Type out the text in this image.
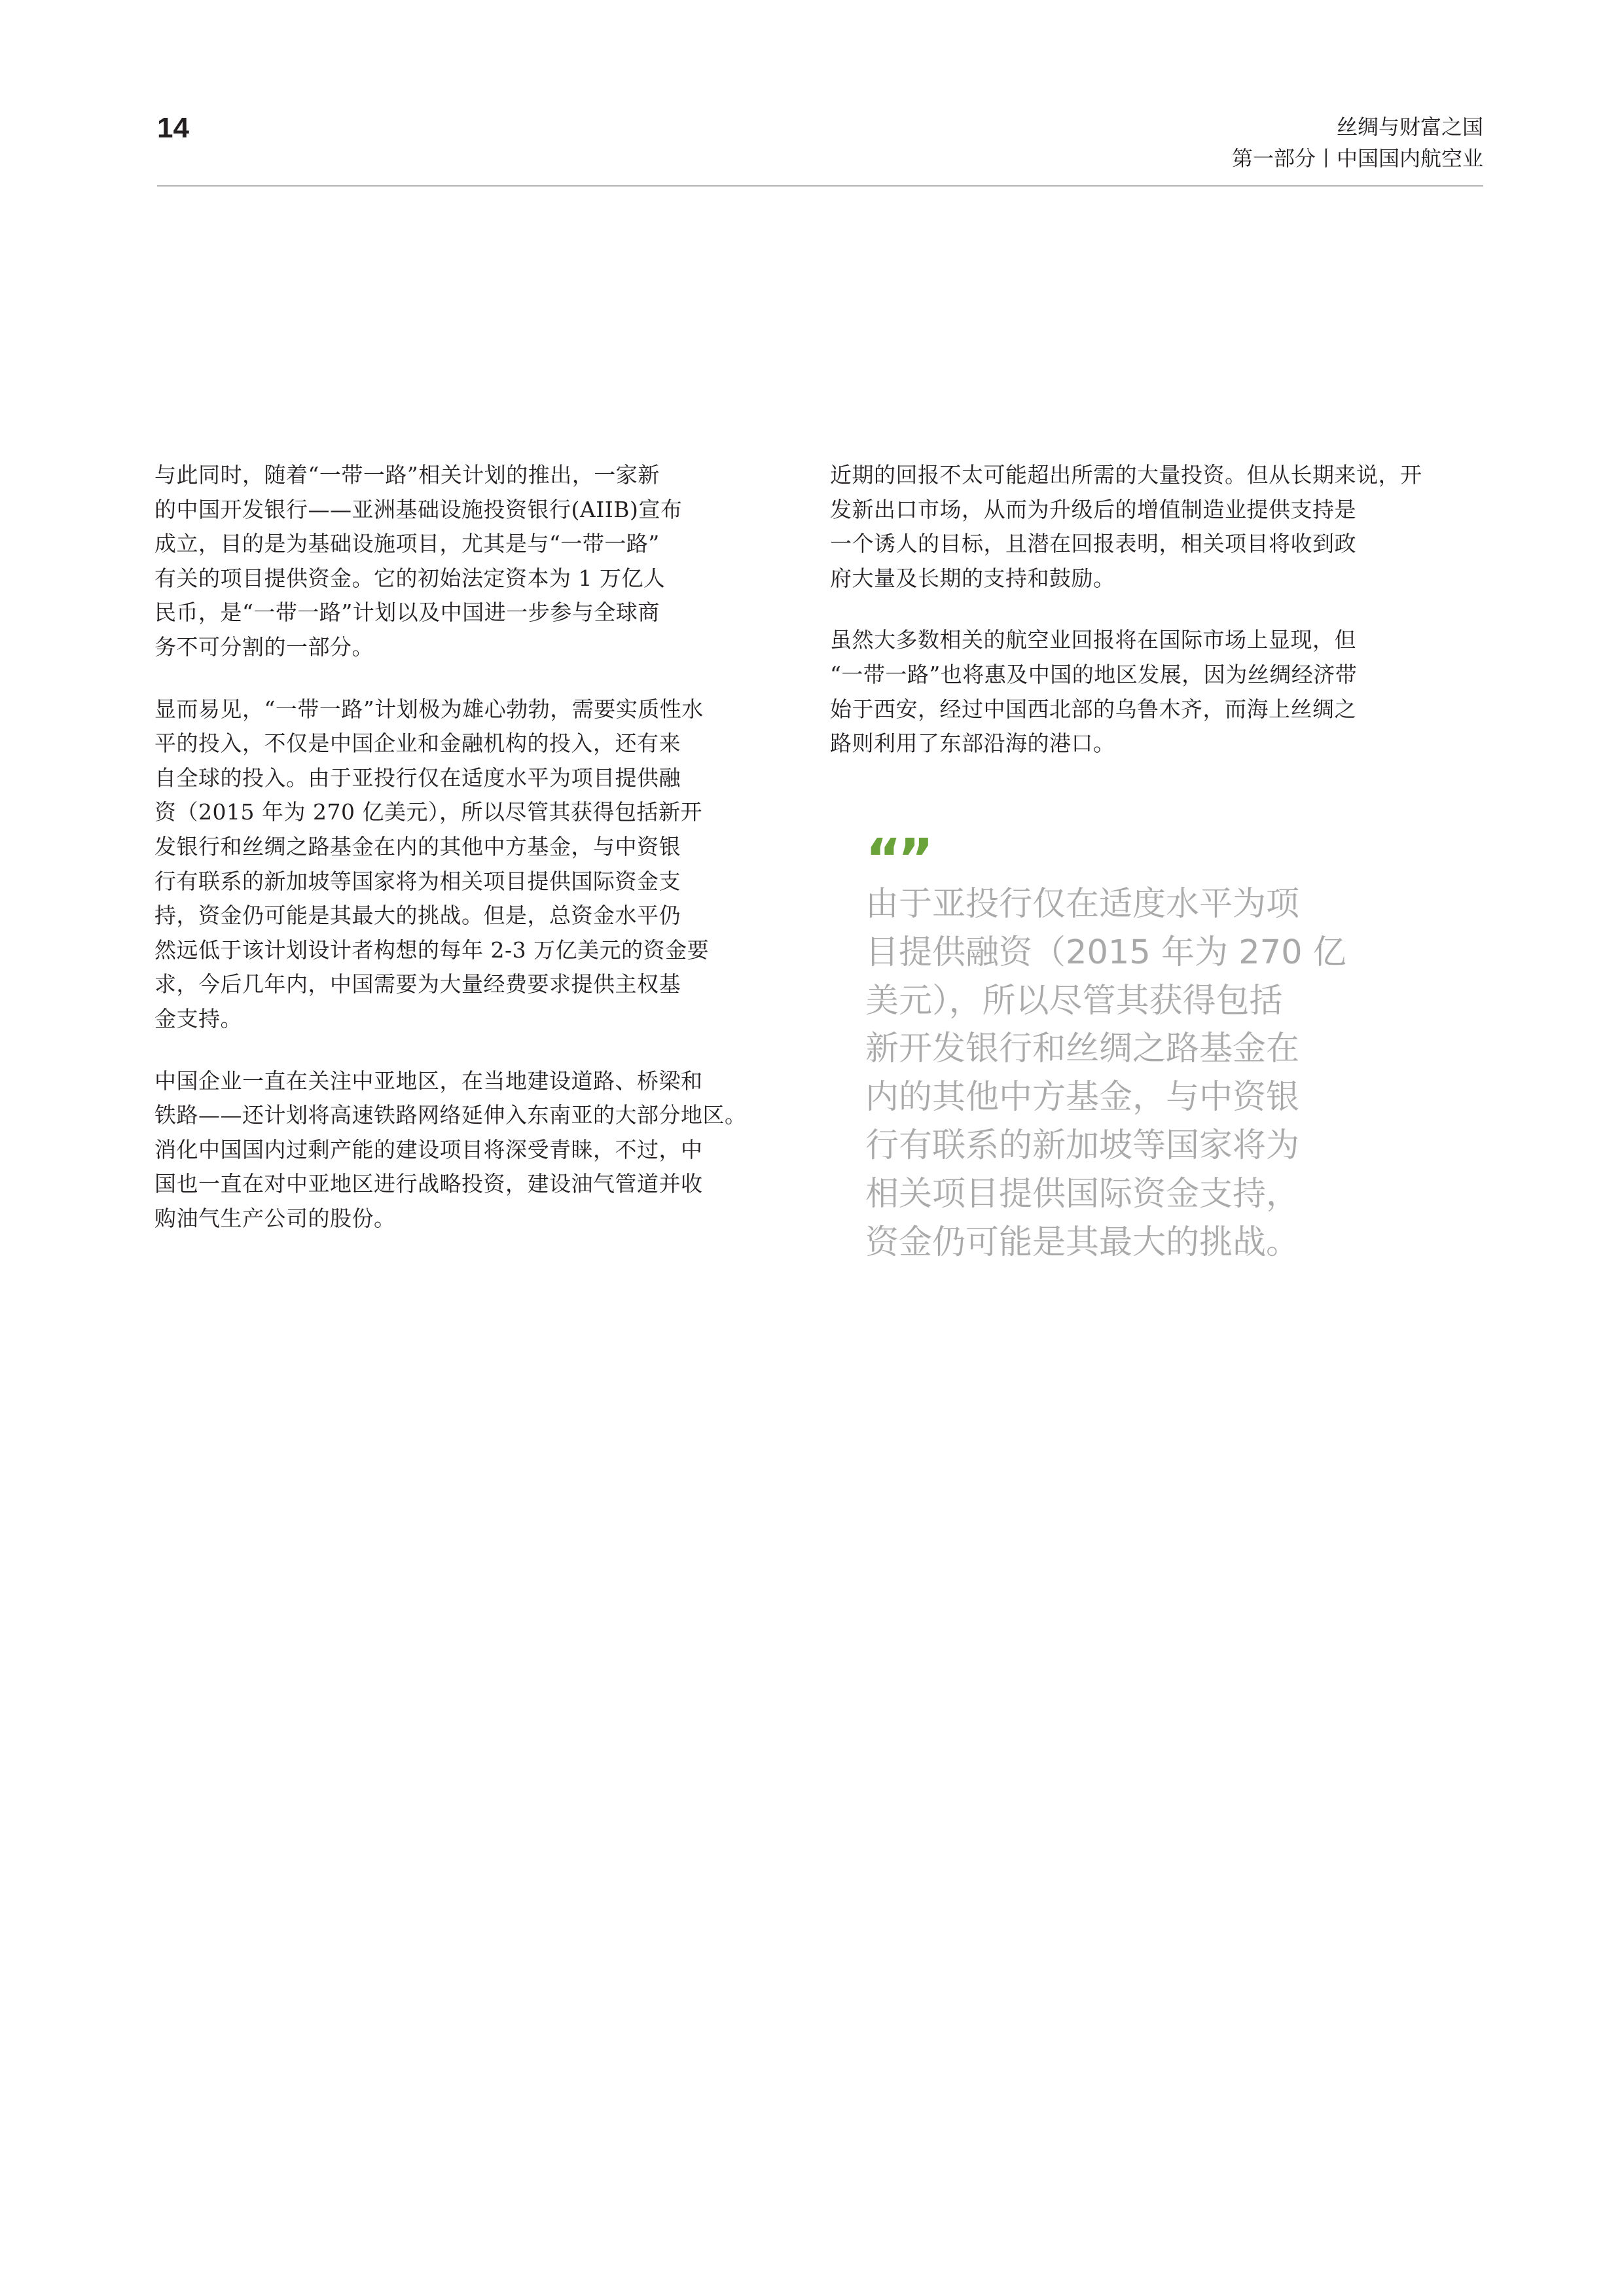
14	丝绸与财富之国
第一部分丨中国国内航空业

与此同时，随着“一带一路”相关计划的推出，一家新
的中国开发银行——亚洲基础设施投资银行(AIIB)宣布
成立，目的是为基础设施项目，尤其是与“一带一路”
有关的项目提供资金。它的初始法定资本为 1 万亿人
民币，是“一带一路”计划以及中国进一步参与全球商
务不可分割的一部分。

显而易见，“一带一路”计划极为雄心勃勃，需要实质性水
平的投入，不仅是中国企业和金融机构的投入，还有来
自全球的投入。由于亚投行仅在适度水平为项目提供融
资（2015 年为 270 亿美元），所以尽管其获得包括新开
发银行和丝绸之路基金在内的其他中方基金，与中资银
行有联系的新加坡等国家将为相关项目提供国际资金支
持，资金仍可能是其最大的挑战。但是，总资金水平仍
然远低于该计划设计者构想的每年 2-3 万亿美元的资金要
求，今后几年内，中国需要为大量经费要求提供主权基
金支持。

中国企业一直在关注中亚地区，在当地建设道路、桥梁和
铁路——还计划将高速铁路网络延伸入东南亚的大部分地区。
消化中国国内过剩产能的建设项目将深受青睐，不过，中
国也一直在对中亚地区进行战略投资，建设油气管道并收
购油气生产公司的股份。

近期的回报不太可能超出所需的大量投资。但从长期来说，开
发新出口市场，从而为升级后的增值制造业提供支持是
一个诱人的目标，且潜在回报表明，相关项目将收到政
府大量及长期的支持和鼓励。

虽然大多数相关的航空业回报将在国际市场上显现，但
“一带一路”也将惠及中国的地区发展，因为丝绸经济带
始于西安，经过中国西北部的乌鲁木齐，而海上丝绸之
路则利用了东部沿海的港口。

“”
由于亚投行仅在适度水平为项
目提供融资（2015 年为 270 亿
美元），所以尽管其获得包括
新开发银行和丝绸之路基金在
内的其他中方基金，与中资银
行有联系的新加坡等国家将为
相关项目提供国际资金支持，
资金仍可能是其最大的挑战。
